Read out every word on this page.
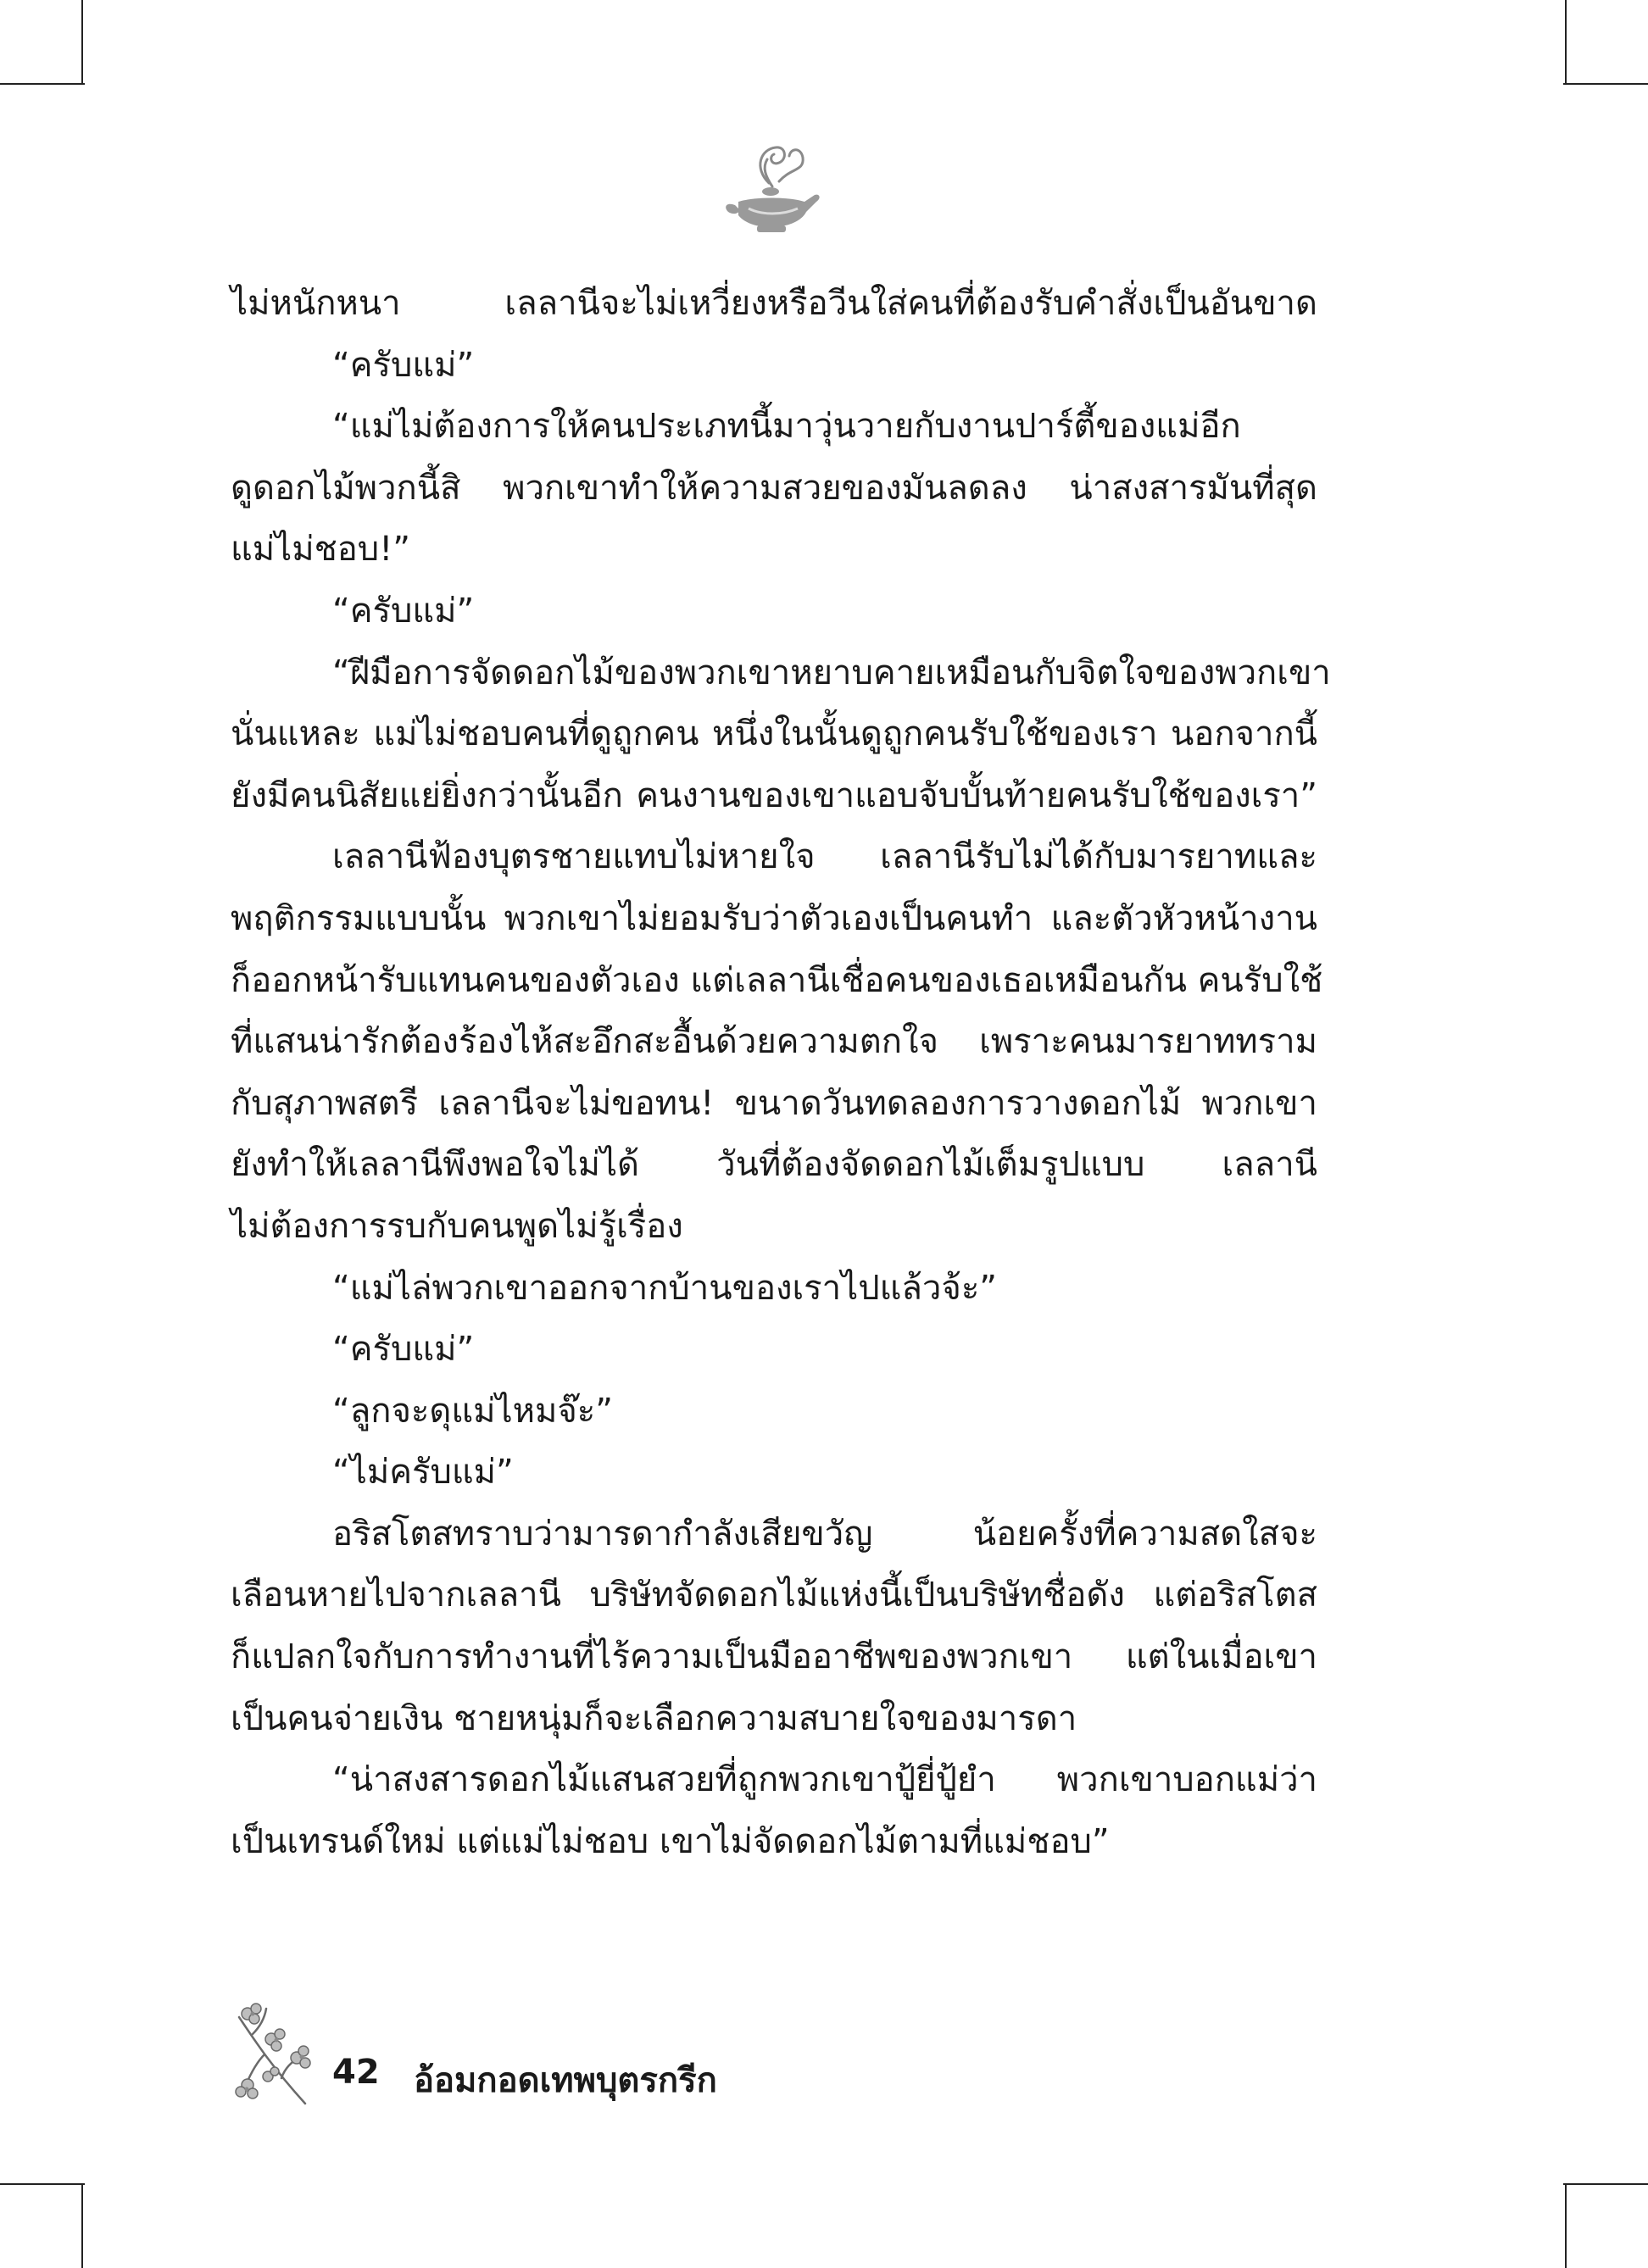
ไม่หนักหนา เลลานีจะไม่เหวี่ยงหรือวีนใส่คนที่ต้องรับคำสั่งเป็นอันขาด
“ครับแม่”
“แม่ไม่ต้องการให้คนประเภทนี้มาวุ่นวายกับงานปาร์ตี้ของแม่อีก
ดูดอกไม้พวกนี้สิ พวกเขาทำให้ความสวยของมันลดลง น่าสงสารมันที่สุด
แม่ไม่ชอบ!”
“ครับแม่”
“ฝีมือการจัดดอกไม้ของพวกเขาหยาบคายเหมือนกับจิตใจของพวกเขา
นั่นแหละ แม่ไม่ชอบคนที่ดูถูกคน หนึ่งในนั้นดูถูกคนรับใช้ของเรา นอกจากนี้
ยังมีคนนิสัยแย่ยิ่งกว่านั้นอีก คนงานของเขาแอบจับบั้นท้ายคนรับใช้ของเรา”
เลลานีฟ้องบุตรชายแทบไม่หายใจ เลลานีรับไม่ได้กับมารยาทและ
พฤติกรรมแบบนั้น พวกเขาไม่ยอมรับว่าตัวเองเป็นคนทำ และตัวหัวหน้างาน
ก็ออกหน้ารับแทนคนของตัวเอง แต่เลลานีเชื่อคนของเธอเหมือนกัน คนรับใช้
ที่แสนน่ารักต้องร้องไห้สะอึกสะอื้นด้วยความตกใจ เพราะคนมารยาททราม
กับสุภาพสตรี เลลานีจะไม่ขอทน! ขนาดวันทดลองการวางดอกไม้ พวกเขา
ยังทำให้เลลานีพึงพอใจไม่ได้ วันที่ต้องจัดดอกไม้เต็มรูปแบบ เลลานี
ไม่ต้องการรบกับคนพูดไม่รู้เรื่อง
“แม่ไล่พวกเขาออกจากบ้านของเราไปแล้วจ้ะ”
“ครับแม่”
“ลูกจะดุแม่ไหมจ๊ะ”
“ไม่ครับแม่”
อริสโตสทราบว่ามารดากำลังเสียขวัญ น้อยครั้งที่ความสดใสจะ
เลือนหายไปจากเลลานี บริษัทจัดดอกไม้แห่งนี้เป็นบริษัทชื่อดัง แต่อริสโตส
ก็แปลกใจกับการทำงานที่ไร้ความเป็นมืออาชีพของพวกเขา แต่ในเมื่อเขา
เป็นคนจ่ายเงิน ชายหนุ่มก็จะเลือกความสบายใจของมารดา
“น่าสงสารดอกไม้แสนสวยที่ถูกพวกเขาปู้ยี่ปู้ยำ พวกเขาบอกแม่ว่า
เป็นเทรนด์ใหม่ แต่แม่ไม่ชอบ เขาไม่จัดดอกไม้ตามที่แม่ชอบ”
42 อ้อมกอดเทพบุตรกรีก
